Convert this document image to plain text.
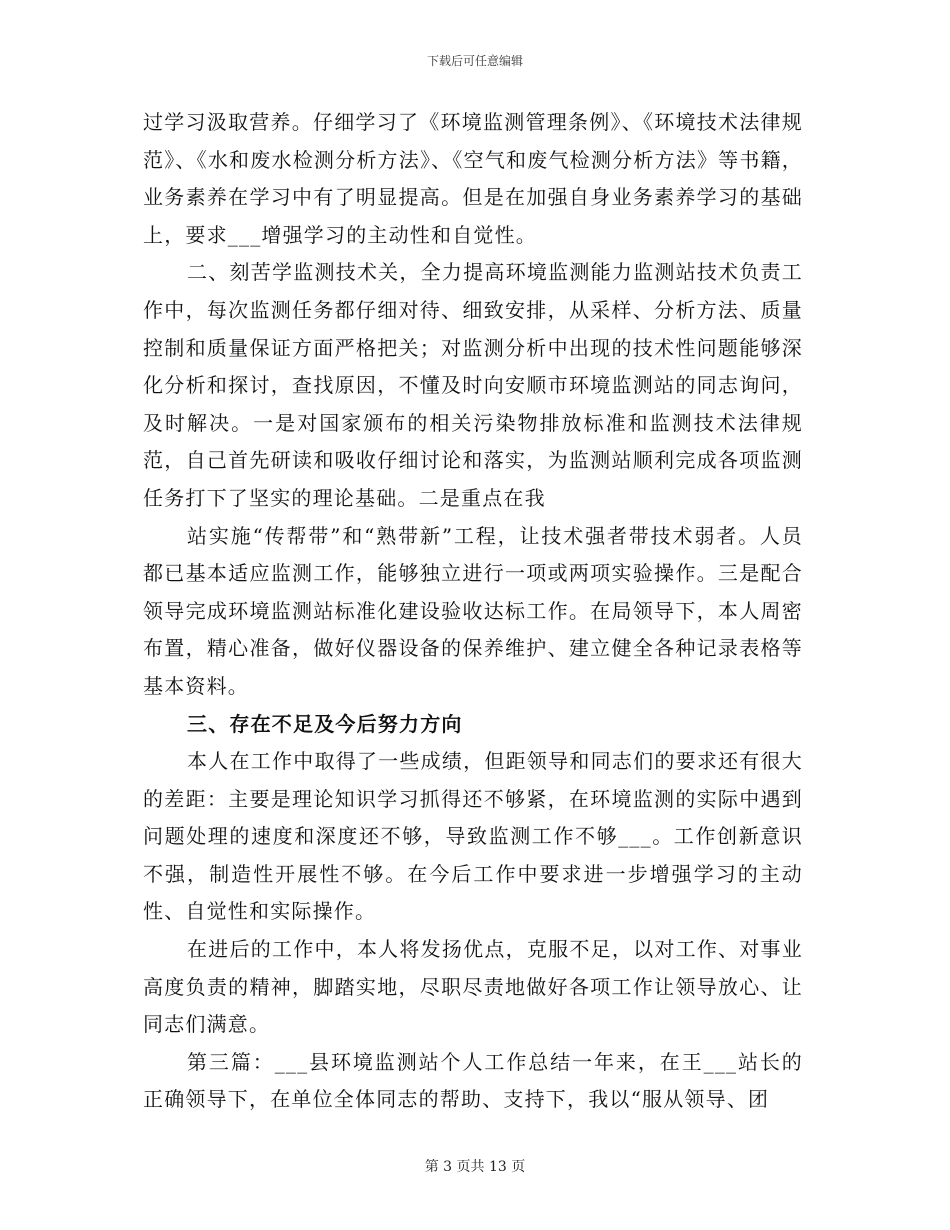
下载后可任意编辑

过学习汲取营养。仔细学习了《环境监测管理条例》、《环境技术法律规范》、《水和废水检测分析方法》、《空气和废气检测分析方法》等书籍，业务素养在学习中有了明显提高。但是在加强自身业务素养学习的基础上，要求___增强学习的主动性和自觉性。

二、刻苦学监测技术关，全力提高环境监测能力监测站技术负责工作中，每次监测任务都仔细对待、细致安排，从采样、分析方法、质量控制和质量保证方面严格把关；对监测分析中出现的技术性问题能够深化分析和探讨，查找原因，不懂及时向安顺市环境监测站的同志询问，及时解决。一是对国家颁布的相关污染物排放标准和监测技术法律规范，自己首先研读和吸收仔细讨论和落实，为监测站顺利完成各项监测任务打下了坚实的理论基础。二是重点在我

站实施“传帮带”和“熟带新”工程，让技术强者带技术弱者。人员都已基本适应监测工作，能够独立进行一项或两项实验操作。三是配合领导完成环境监测站标准化建设验收达标工作。在局领导下，本人周密布置，精心准备，做好仪器设备的保养维护、建立健全各种记录表格等基本资料。

三、存在不足及今后努力方向

本人在工作中取得了一些成绩，但距领导和同志们的要求还有很大的差距：主要是理论知识学习抓得还不够紧，在环境监测的实际中遇到问题处理的速度和深度还不够，导致监测工作不够___。工作创新意识不强，制造性开展性不够。在今后工作中要求进一步增强学习的主动性、自觉性和实际操作。

在进后的工作中，本人将发扬优点，克服不足，以对工作、对事业高度负责的精神，脚踏实地，尽职尽责地做好各项工作让领导放心、让同志们满意。

第三篇：___县环境监测站个人工作总结一年来，在王___站长的正确领导下，在单位全体同志的帮助、支持下，我以“服从领导、团

第 3 页共 13 页
